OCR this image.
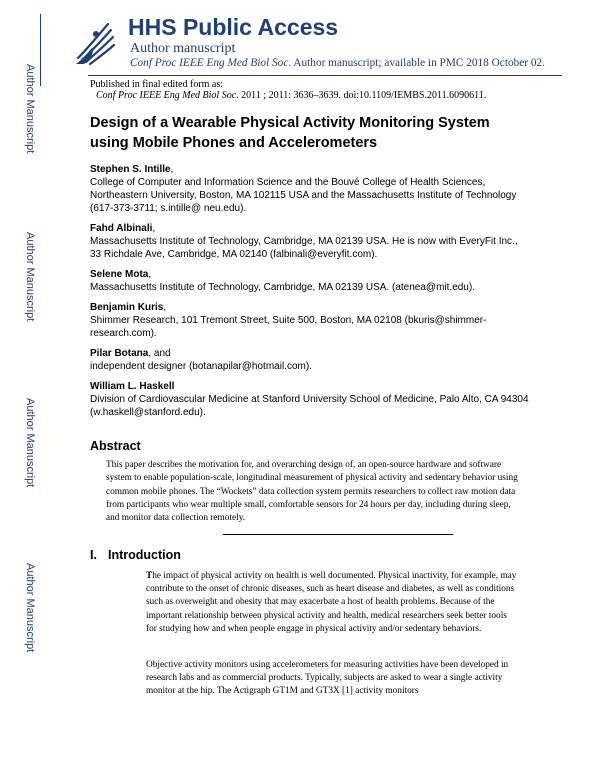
Author Manuscript
Author Manuscript
Author Manuscript
Author Manuscript
HHS Public Access
Author manuscript
Conf Proc IEEE Eng Med Biol Soc. Author manuscript; available in PMC 2018 October 02.
Published in final edited form as:
Conf Proc IEEE Eng Med Biol Soc. 2011 ; 2011: 3636–3639. doi:10.1109/IEMBS.2011.6090611.
Design of a Wearable Physical Activity Monitoring System using Mobile Phones and Accelerometers
Stephen S. Intille,
College of Computer and Information Science and the Bouvé College of Health Sciences, Northeastern University, Boston, MA 102115 USA and the Massachusetts Institute of Technology (617-373-3711; s.intille@ neu.edu).
Fahd Albinali,
Massachusetts Institute of Technology, Cambridge, MA 02139 USA. He is now with EveryFit Inc., 33 Richdale Ave, Cambridge, MA 02140 (falbinali@everyfit.com).
Selene Mota,
Massachusetts Institute of Technology, Cambridge, MA 02139 USA. (atenea@mit.edu).
Benjamin Kuris,
Shimmer Research, 101 Tremont Street, Suite 500, Boston, MA 02108 (bkuris@shimmer-research.com).
Pilar Botana, and
independent designer (botanapilar@hotmail.com).
William L. Haskell
Division of Cardiovascular Medicine at Stanford University School of Medicine, Palo Alto, CA 94304 (w.haskell@stanford.edu).
Abstract
This paper describes the motivation for, and overarching design of, an open-source hardware and software system to enable population-scale, longitudinal measurement of physical activity and sedentary behavior using common mobile phones. The “Wockets” data collection system permits researchers to collect raw motion data from participants who wear multiple small, comfortable sensors for 24 hours per day, including during sleep, and monitor data collection remotely.
I. Introduction
The impact of physical activity on health is well documented. Physical inactivity, for example, may contribute to the onset of chronic diseases, such as heart disease and diabetes, as well as conditions such as overweight and obesity that may exacerbate a host of health problems. Because of the important relationship between physical activity and health, medical researchers seek better tools for studying how and when people engage in physical activity and/or sedentary behaviors.
Objective activity monitors using accelerometers for measuring activities have been developed in research labs and as commercial products. Typically, subjects are asked to wear a single activity monitor at the hip. The Actigraph GT1M and GT3X [1] activity monitors
